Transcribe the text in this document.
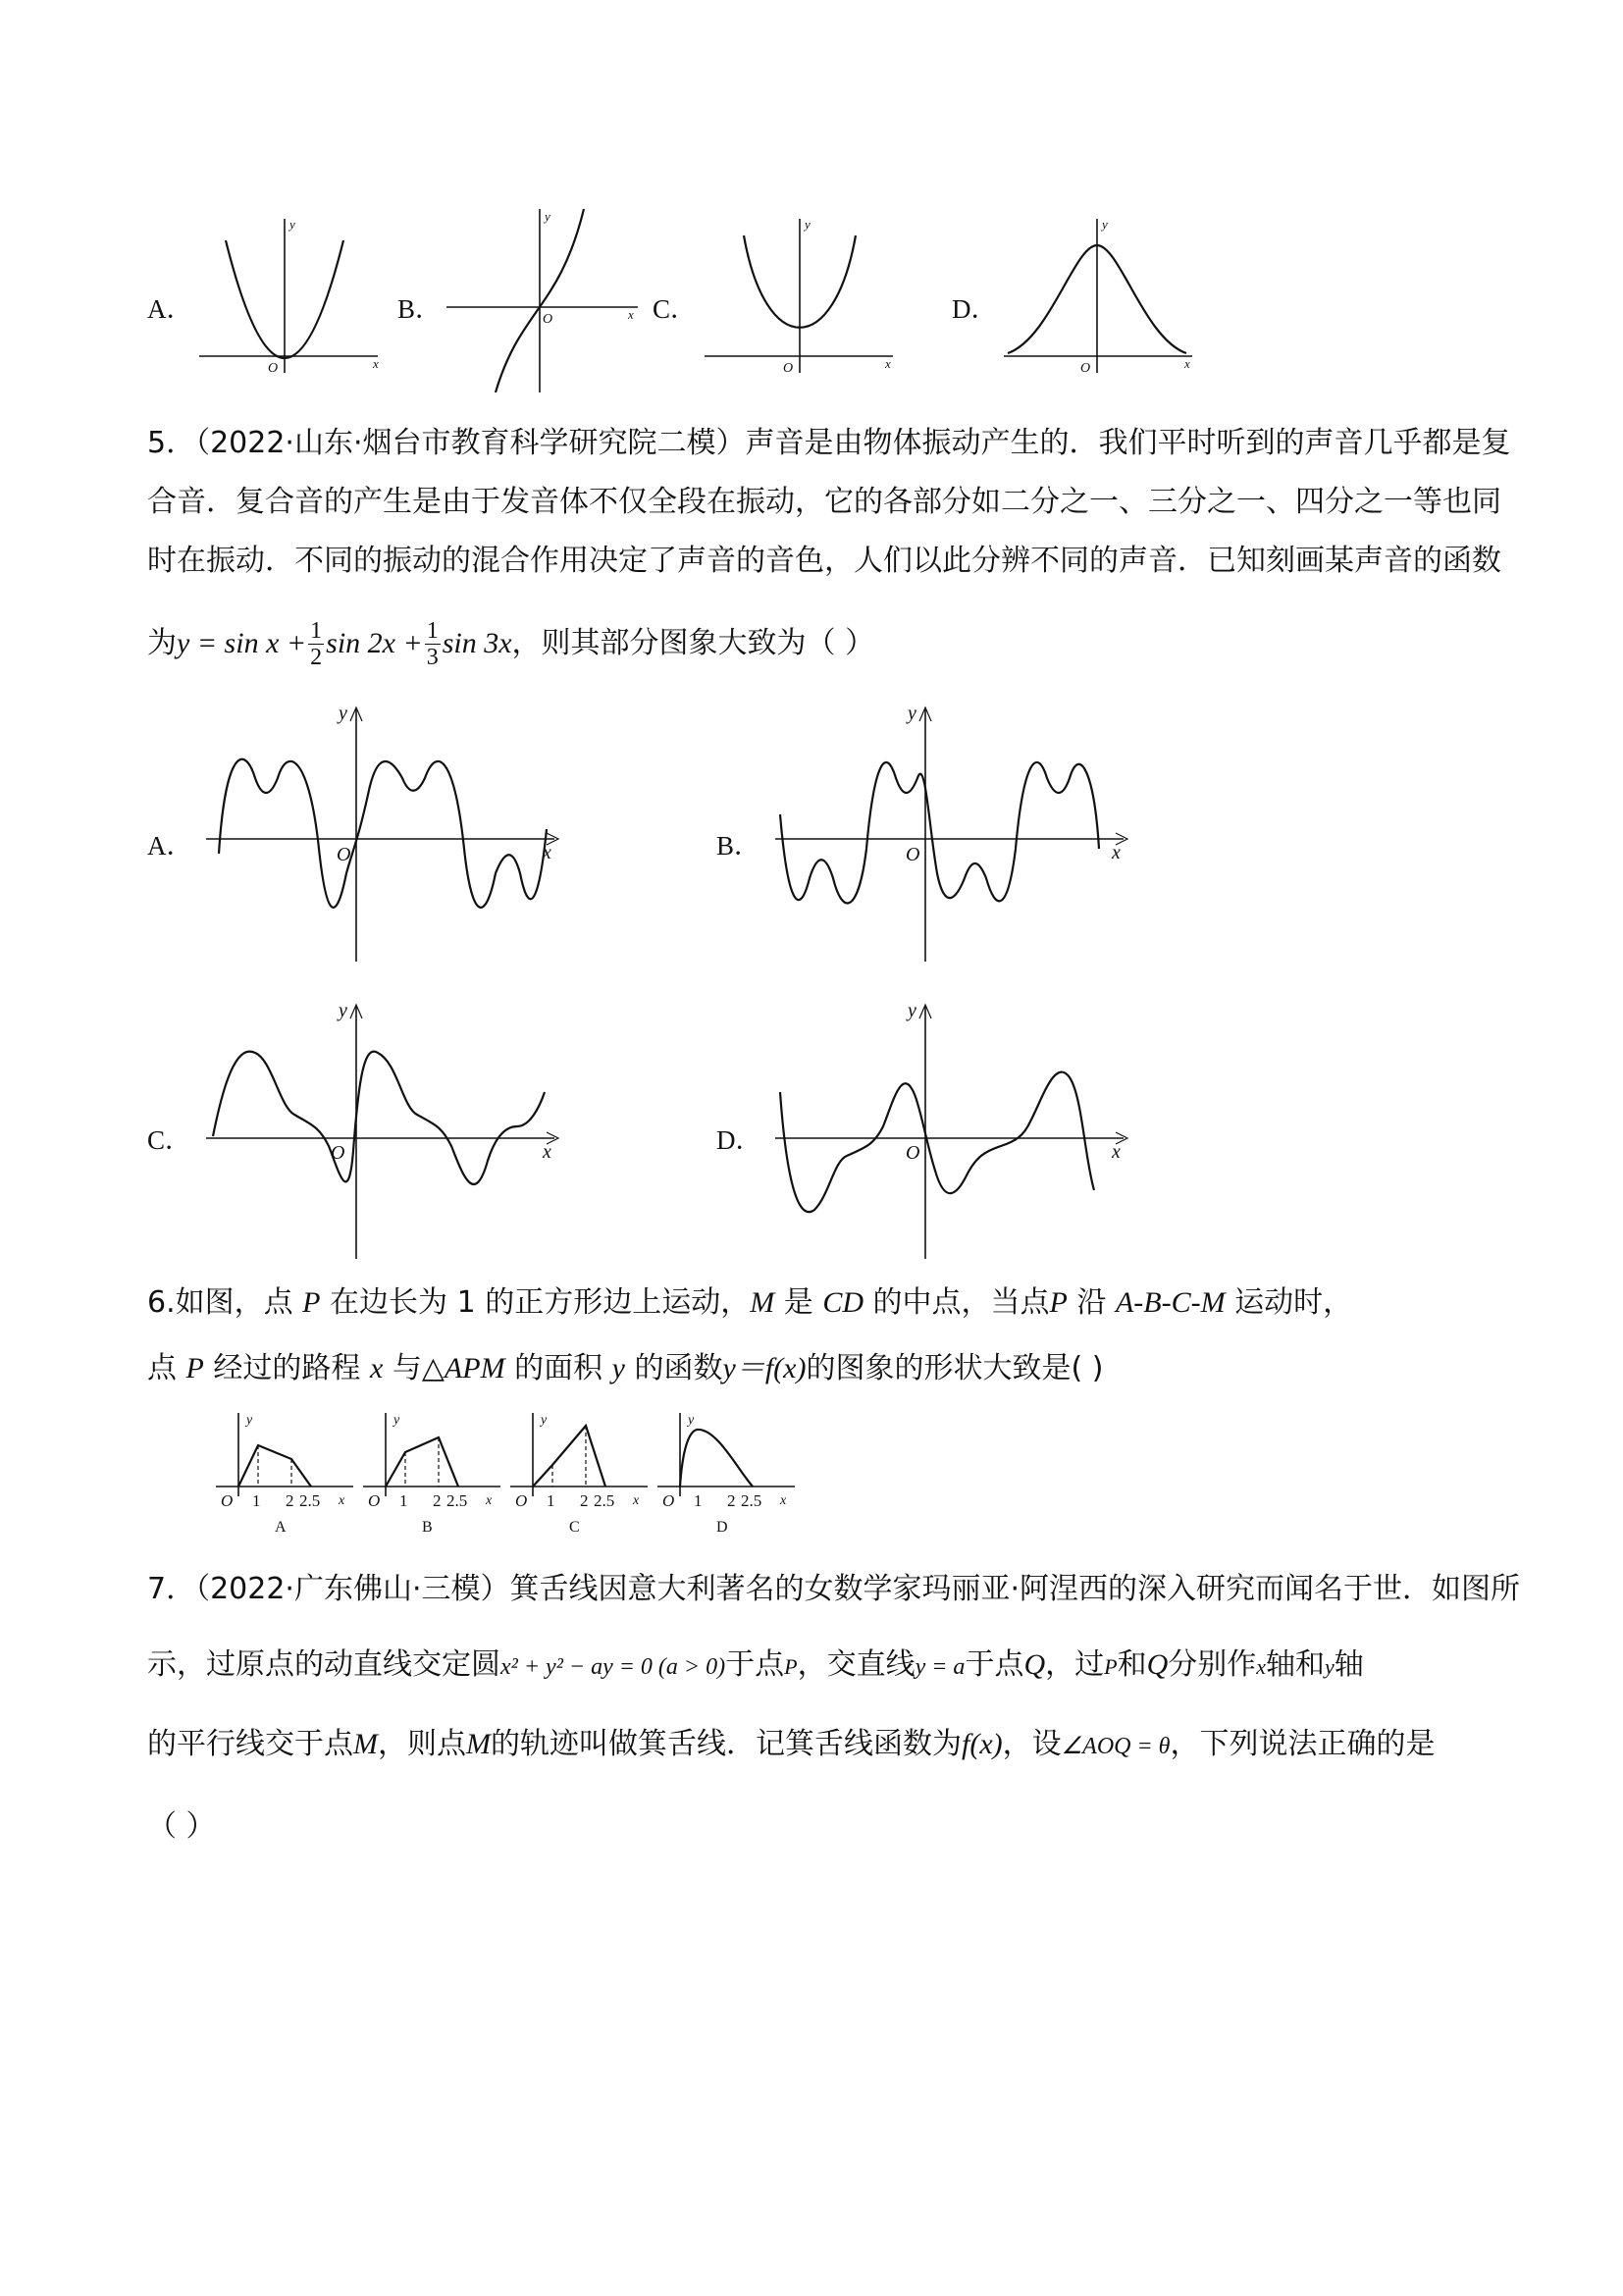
A．
x
y
O
B．	x
y
O	C．
x
y
O
D．
x
y
O
5．（2022·山东·烟台市教育科学研究院二模）声音是由物体振动产生的．我们平时听到的声音几乎都是复
合音．复合音的产生是由于发音体不仅全段在振动，它的各部分如二分之一、三分之一、四分之一等也同
时在振动．不同的振动的混合作用决定了声音的音色，人们以此分辨不同的声音．已知刻画某声音的函数
为$y = \sin x + \frac{1}{2}$ $\sin 2x + \frac{1}{3}$ sin 3x，则其部分图象大致为（ ）
A．	x
y
O	B．	x
y
O
C．	x
y
O	D．	x
y
O
6.如图，点 P 在边长为 1 的正方形边上运动，M 是 CD 的中点，当点P 沿 A-B-C-M 运动时，
点 P 经过的路程 x 与△APM 的面积 y 的函数y＝f(x)的图象的形状大致是( )
y
O 1 2 2.5 x
A
y
O 1 2 2.5 x
B
y
O 1 2 2.5 x
C
y
O 1 2 2.5 x
D
7．（2022·广东佛山·三模）箕舌线因意大利著名的女数学家玛丽亚·阿涅西的深入研究而闻名于世．如图所
示，过原点的动直线交定圆x² + y² − ay = 0 (a > 0)于点P，交直线y = a于点Q，过P和Q分别作x轴和y轴
的平行线交于点M，则点M的轨迹叫做箕舌线．记箕舌线函数为f(x)，设∠AOQ = θ，下列说法正确的是
（ ）
